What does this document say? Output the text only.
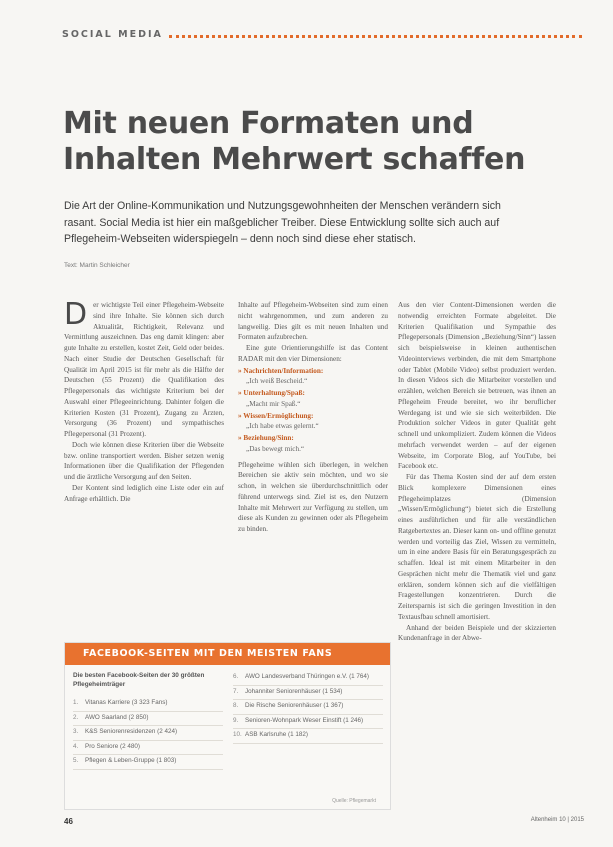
SOCIAL MEDIA
Mit neuen Formaten und
Inhalten Mehrwert schaffen

Die Art der Online-Kommunikation und Nutzungsgewohnheiten der Menschen verändern sich rasant. Social Media ist hier ein maßgeblicher Treiber. Diese Entwicklung sollte sich auch auf Pflegeheim-Webseiten widerspiegeln – denn noch sind diese eher statisch.

Text: Martin Schleicher

D er wichtigste Teil einer Pflegeheim-Webseite sind ihre Inhalte. Sie können sich durch Aktualität, Richtigkeit, Relevanz und Vermittlung auszeichnen. Das eng damit klingen: aber gute Inhalte zu erstellen, kostet Zeit, Geld oder beides. Nach einer Studie der Deutschen Gesellschaft für Qualität im April 2015 ist für mehr als die Hälfte der Deutschen (55 Prozent) die Qualifikation des Pflegepersonals das wichtigste Kriterium bei der Auswahl einer Pflegeeinrichtung. Dahinter folgen die Kriterien Kosten (31 Prozent), Zugang zu Ärzten, Versorgung (36 Prozent) und sympathisches Pflegepersonal (31 Prozent).

Doch wie können diese Kriterien über die Webseite bzw. online transportiert werden. Bisher setzen wenig Informationen über die Qualifikation der Pflegenden und die ärztliche Versorgung auf den Seiten.

Der Kontent sind lediglich eine Liste oder ein auf Anfrage erhältlich. Die

Inhalte auf Pflegeheim-Webseiten sind zum einen nicht wahrgenommen, und zum anderen zu langweilig. Dies gilt es mit neuen Inhalten und Formaten aufzubrechen.

Eine gute Orientierungshilfe ist das Content RADAR mit den vier Dimensionen:

» Nachrichten/Information:
„Ich weiß Bescheid.“
» Unterhaltung/Spaß:
„Macht mir Spaß.“
» Wissen/Ermöglichung:
„Ich habe etwas gelernt.“
» Beziehung/Sinn:
„Das bewegt mich.“

Pflegeheime wühlen sich überlegen, in welchen Bereichen sie aktiv sein möchten, und wo sie schon, in welchen sie überdurchschnittlich oder führend unterwegs sind. Ziel ist es, den Nutzern Inhalte mit Mehrwert zur Verfügung zu stellen, um diese als Kunden zu gewinnen oder als Pflegeheim zu binden.

Aus den vier Content-Dimensionen werden die notwendig erreichten Formate abgeleitet. Die Kriterien Qualifikation und Sympathie des Pflegepersonals (Dimension „Beziehung/Sinn“) lassen sich beispielsweise in kleinen authentischen Videointerviews verbinden, die mit dem Smartphone oder Tablet (Mobile Video) selbst produziert werden. In diesen Videos sich die Mitarbeiter vorstellen und erzählen, welchen Bereich sie betreuen, was ihnen an Pflegeheim Freude bereitet, wo ihr beruflicher Werdegang ist und wie sie sich weiterbilden. Die Produktion solcher Videos in guter Qualität geht schnell und unkompliziert. Zudem können die Videos mehrfach verwendet werden – auf der eigenen Webseite, im Corporate Blog, auf YouTube, bei Facebook etc.

Für das Thema Kosten sind der auf dem ersten Blick komplexere Dimensionen eines Pflegeheimplatzes (Dimension „Wissen/Ermöglichung“) bietet sich die Erstellung eines ausführlichen und für alle verständlichen Ratgebertextes an. Dieser kann on- und offline genutzt werden und vorteilig das Ziel, Wissen zu vermitteln, um in eine andere Basis für ein Beratungsgespräch zu schaffen. Ideal ist mit einem Mitarbeiter in den Gesprächen nicht mehr die Thematik viel und ganz erklären, sondern können sich auf die vielfältigen Fragestellungen konzentrieren. Durch die Zeitersparnis ist sich die geringen Investition in den Textausfbau schnell amortisiert.

Anhand der beiden Beispiele und der skizzierten Kundenanfrage in der Abwe-

FACEBOOK-SEITEN MIT DEN MEISTEN FANS
Die besten Facebook-Seiten der 30 größten Pflegeheimträger
1.	Vitanas Karriere (3 323 Fans)
2.	AWO Saarland (2 850)
3.	K&S Seniorenresidenzen (2 424)
4.	Pro Seniore (2 480)
5.	Pflegen & Leben-Gruppe (1 803)
6.	AWO Landesverband Thüringen e.V. (1 764)
7.	Johanniter Seniorenhäuser (1 534)
8.	Die Rische Seniorenhäuser (1 367)
9.	Senioren-Wohnpark Weser Einstift (1 246)
10. ASB Karlsruhe (1 182)
Quelle: Pflegemarkt
46	Altenheim 10 | 2015
